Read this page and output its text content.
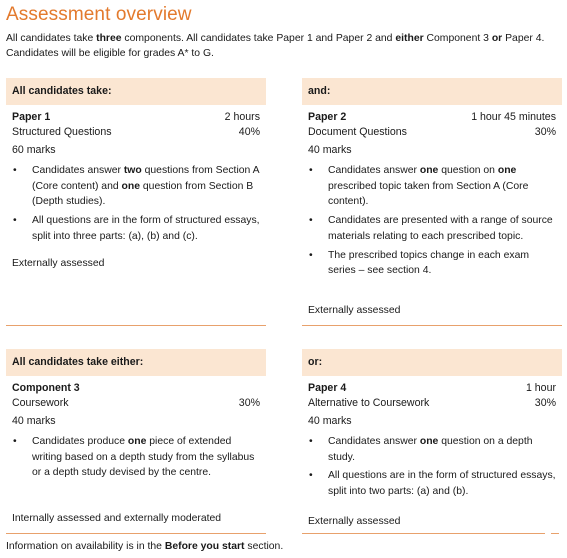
Assessment overview

All candidates take three components. All candidates take Paper 1 and Paper 2 and either Component 3 or Paper 4. Candidates will be eligible for grades A* to G.

All candidates take:
Paper 1	2 hours
Structured Questions	40%
60 marks
• Candidates answer two questions from Section A (Core content) and one question from Section B (Depth studies).
• All questions are in the form of structured essays, split into three parts: (a), (b) and (c).
Externally assessed
and:
Paper 2	1 hour 45 minutes
Document Questions	30%
40 marks
• Candidates answer one question on one prescribed topic taken from Section A (Core content).
• Candidates are presented with a range of source materials relating to each prescribed topic.
• The prescribed topics change in each exam series – see section 4.
Externally assessed
All candidates take either:
Component 3
Coursework	30%
40 marks
• Candidates produce one piece of extended writing based on a depth study from the syllabus or a depth study devised by the centre.
Internally assessed and externally moderated
or:
Paper 4	1 hour
Alternative to Coursework	30%
40 marks
• Candidates answer one question on a depth study.
• All questions are in the form of structured essays, split into two parts: (a) and (b).
Externally assessed

Information on availability is in the Before you start section.
